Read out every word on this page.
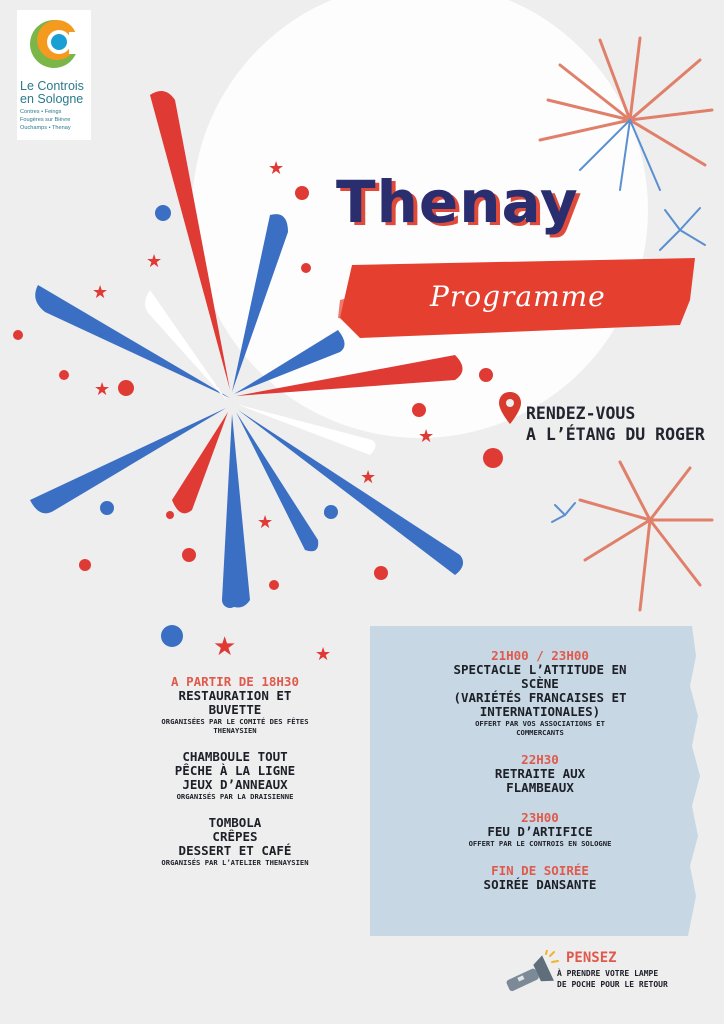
★
★
★
★
★
★
★	★
★
Le Controis
en Sologne
Contres • Feings
Fougères sur Bièvre
Ouchamps • Thenay
Thenay
Programme
RENDEZ-VOUS
A L’ÉTANG DU ROGER
A PARTIR DE 18H30
RESTAURATION ET
BUVETTE
ORGANISÉES PAR LE COMITÉ DES FÊTES
THENAYSIEN
CHAMBOULE TOUT
PÊCHE À LA LIGNE
JEUX D’ANNEAUX
ORGANISÉS PAR LA DRAISIENNE
TOMBOLA
CRÊPES
DESSERT ET CAFÉ
ORGANISÉS PAR L’ATELIER THENAYSIEN
21H00 / 23H00
SPECTACLE L’ATTITUDE EN
SCÈNE
(VARIÉTÉS FRANCAISES ET
INTERNATIONALES)
OFFERT PAR VOS ASSOCIATIONS ET
COMMERCANTS
22H30
RETRAITE AUX
FLAMBEAUX
23H00
FEU D’ARTIFICE
OFFERT PAR LE CONTROIS EN SOLOGNE
FIN DE SOIRÉE
SOIRÉE DANSANTE
PENSEZ
À PRENDRE VOTRE LAMPE
DE POCHE POUR LE RETOUR
